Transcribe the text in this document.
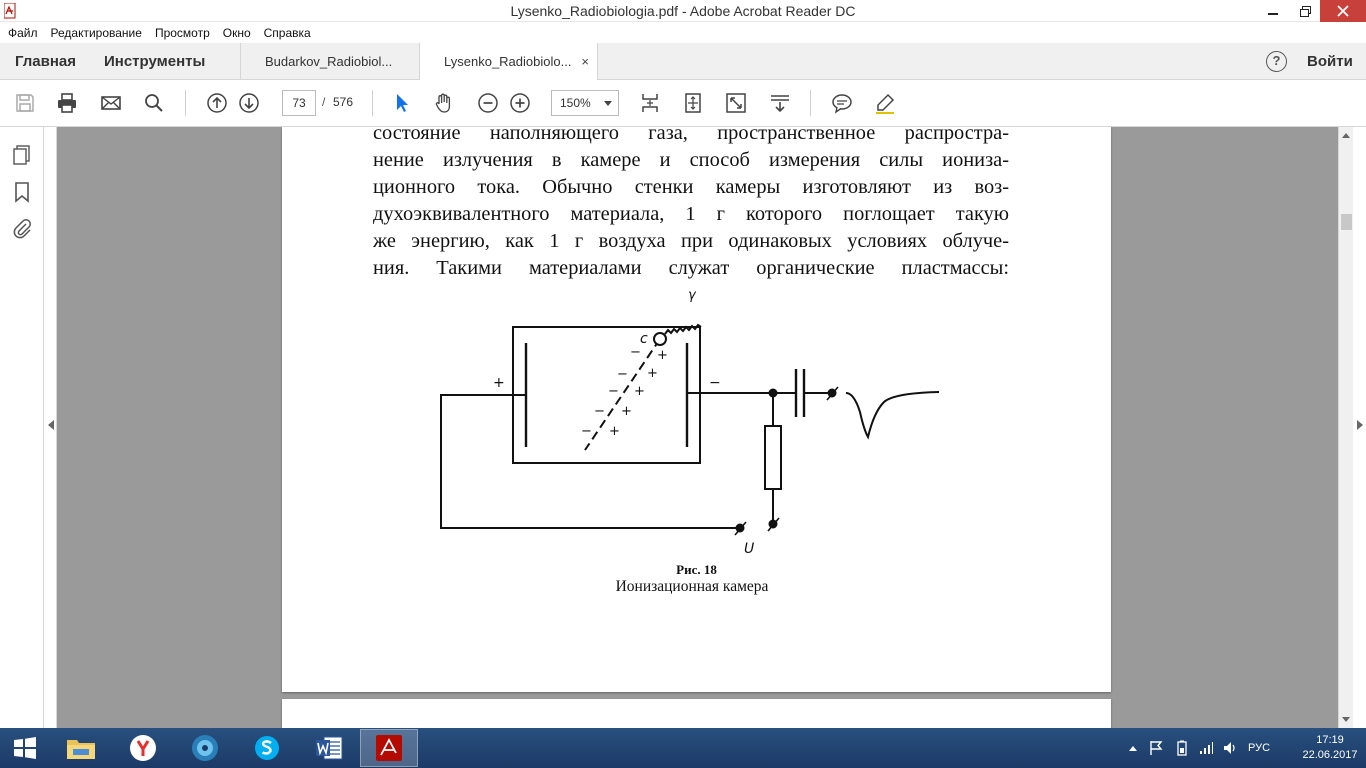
Lysenko_Radiobiologia.pdf - Adobe Acrobat Reader DC
Файл Редактирование Просмотр Окно Справка
Главная Инструменты	Budarkov_Radiobiol...	Lysenko_Radiobiolo... ×	?	Войти
73	/ 576	150%
состояние наполняющего газа, пространственное распростра-
нение излучения в камере и способ измерения силы иониза-
ционного тока. Обычно стенки камеры изготовляют из воз-
духоэквивалентного материала, 1 г которого поглощает такую
же энергию, как 1 г воздуха при одинаковых условиях облуче-
ния. Такими материалами служат органические пластмассы:
γ
c
+	−
U
− +
− +
− +
− +
− +
Рис. 18
Ионизационная камера
РУС
17:19
22.06.2017
